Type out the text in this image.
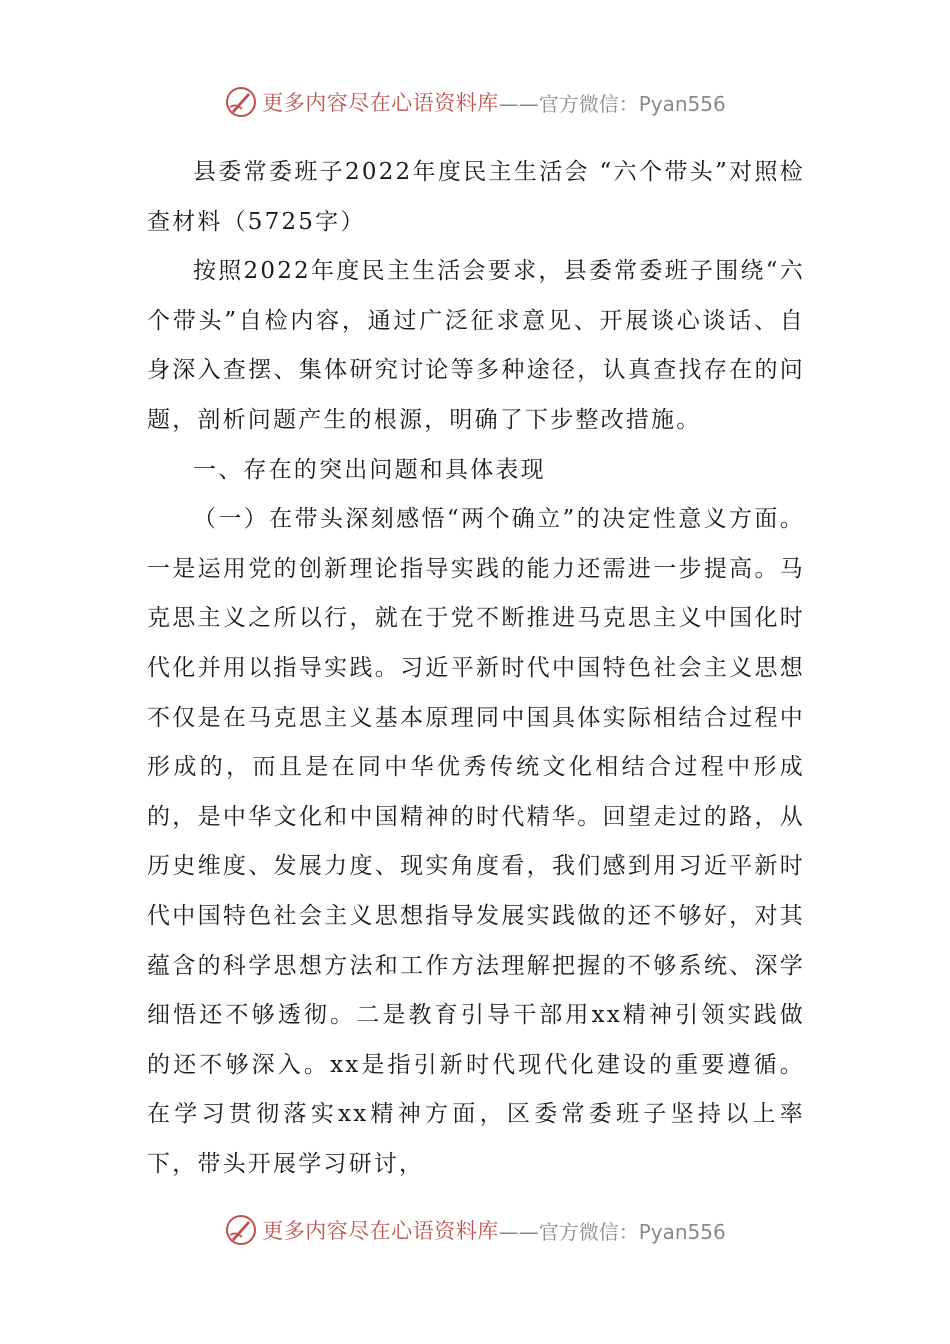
更多内容尽在心语资料库 ——官方微信：Pyan556

县委常委班子2022年度民主生活会 “六个带头”对照检查材料（5725字）

按照2022年度民主生活会要求，县委常委班子围绕“六个带头”自检内容，通过广泛征求意见、开展谈心谈话、自身深入查摆、集体研究讨论等多种途径，认真查找存在的问题，剖析问题产生的根源，明确了下步整改措施。

一、存在的突出问题和具体表现

（一）在带头深刻感悟“两个确立”的决定性意义方面。一是运用党的创新理论指导实践的能力还需进一步提高。马克思主义之所以行，就在于党不断推进马克思主义中国化时代化并用以指导实践。习近平新时代中国特色社会主义思想不仅是在马克思主义基本原理同中国具体实际相结合过程中形成的，而且是在同中华优秀传统文化相结合过程中形成的，是中华文化和中国精神的时代精华。回望走过的路，从历史维度、发展力度、现实角度看，我们感到用习近平新时代中国特色社会主义思想指导发展实践做的还不够好，对其蕴含的科学思想方法和工作方法理解把握的不够系统、深学细悟还不够透彻。二是教育引导干部用xx精神引领实践做的还不够深入。xx是指引新时代现代化建设的重要遵循。在学习贯彻落实xx精神方面，区委常委班子坚持以上率下，带头开展学习研讨，

更多内容尽在心语资料库 ——官方微信：Pyan556
